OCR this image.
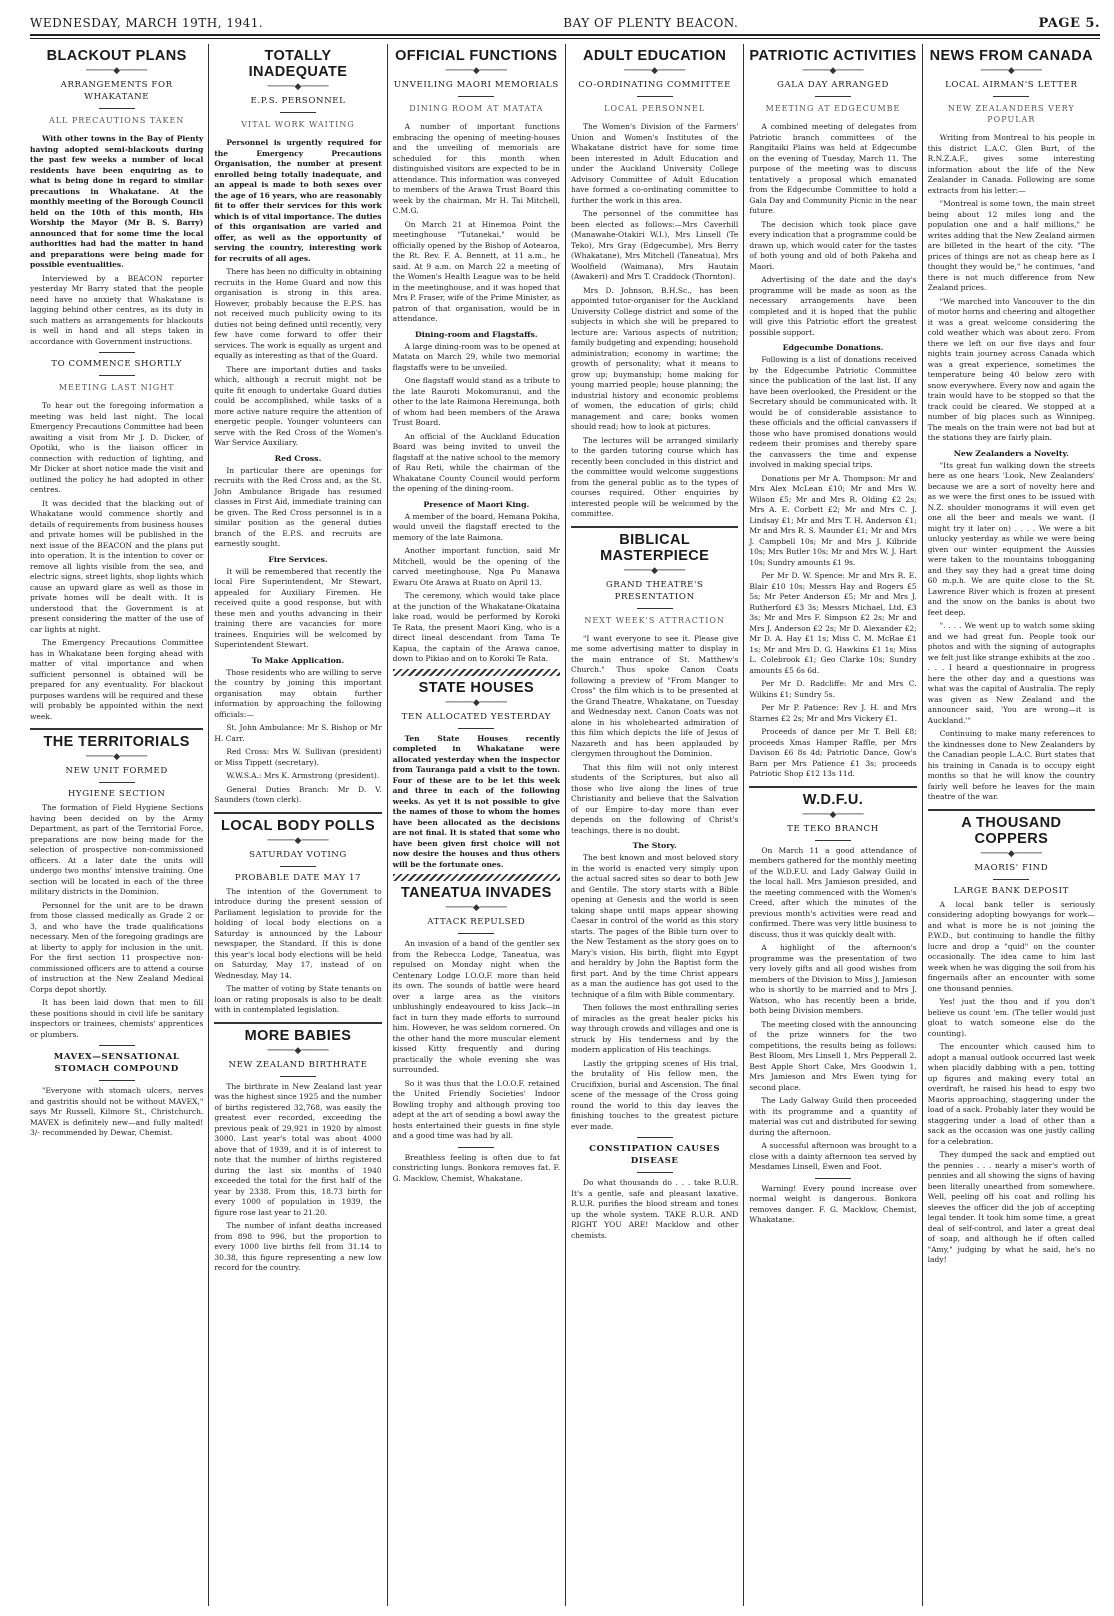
WEDNESDAY, MARCH 19TH, 1941.	BAY OF PLENTY BEACON.	PAGE 5.
BLACKOUT PLANS
─────◆─────
ARRANGEMENTS FOR WHAKATANE
ALL PRECAUTIONS TAKEN

With other towns in the Bay of Plenty having adopted semi-blackouts during the past few weeks a number of local residents have been enquiring as to what is being done in regard to similar precautions in Whakatane. At the monthly meeting of the Borough Council held on the 10th of this month, His Worship the Mayor (Mr B. S. Barry) announced that for some time the local authorities had had the matter in hand and preparations were being made for possible eventualities.

Interviewed by a BEACON reporter yesterday Mr Barry stated that the people need have no anxiety that Whakatane is lagging behind other centres, as its duty in such matters as arrangements for blackouts is well in hand and all steps taken in accordance with Government instructions.

TO COMMENCE SHORTLY
MEETING LAST NIGHT

To hear out the foregoing information a meeting was held last night. The local Emergency Precautions Committee had been awaiting a visit from Mr J. D. Dicker, of Opotiki, who is the liaison officer in connection with reduction of lighting, and Mr Dicker at short notice made the visit and outlined the policy he had adopted in other centres.

It was decided that the blacking out of Whakatane would commence shortly and details of requirements from business houses and private homes will be published in the next issue of the BEACON and the plans put into operation. It is the intention to cover or remove all lights visible from the sea, and electric signs, street lights, shop lights which cause an upward glare as well as those in private homes will be dealt with. It is understood that the Government is at present considering the matter of the use of car lights at night.

The Emergency Precautions Committee has in Whakatane been forging ahead with matter of vital importance and when sufficient personnel is obtained will be prepared for any eventuality. For blackout purposes wardens will be required and these will probably be appointed within the next week.

THE TERRITORIALS
─────◆─────
NEW UNIT FORMED
HYGIENE SECTION

The formation of Field Hygiene Sections having been decided on by the Army Department, as part of the Territorial Force, preparations are now being made for the selection of prospective non-commissioned officers. At a later date the units will undergo two months' intensive training. One section will be located in each of the three military districts in the Dominion.

Personnel for the unit are to be drawn from those classed medically as Grade 2 or 3, and who have the trade qualifications necessary. Men of the foregoing gradings are at liberty to apply for inclusion in the unit. For the first section 11 prospective non-commissioned officers are to attend a course of instruction at the New Zealand Medical Corps depot shortly.

It has been laid down that men to fill these positions should in civil life be sanitary inspectors or trainees, chemists' apprentices or plumbers.

MAVEX—SENSATIONAL STOMACH COMPOUND

"Everyone with stomach ulcers, nerves and gastritis should not be without MAVEX," says Mr Russell, Kilmore St., Christchurch. MAVEX is definitely new—and fully malted! 3/- recommended by Dewar, Chemist.

TOTALLY INADEQUATE
─────◆─────
E.P.S. PERSONNEL
VITAL WORK WAITING

Personnel is urgently required for the Emergency Precautions Organisation, the number at present enrolled being totally inadequate, and an appeal is made to both sexes over the age of 16 years, who are reasonably fit to offer their services for this work which is of vital importance. The duties of this organisation are varied and offer, as well as the opportunity of serving the country, interesting work for recruits of all ages.

There has been no difficulty in obtaining recruits in the Home Guard and now this organisation is strong in this area. However, probably because the E.P.S. has not received much publicity owing to its duties not being defined until recently, very few have come forward to offer their services. The work is equally as urgent and equally as interesting as that of the Guard.

There are important duties and tasks which, although a recruit might not be quite fit enough to undertake Guard duties could be accomplished, while tasks of a more active nature require the attention of energetic people. Younger volunteers can serve with the Red Cross of the Women's War Service Auxiliary.

Red Cross.

In particular there are openings for recruits with the Red Cross and, as the St. John Ambulance Brigade has resumed classes in First Aid, immediate training can be given. The Red Cross personnel is in a similar position as the general duties branch of the E.P.S. and recruits are earnestly sought.

Fire Services.

It will be remembered that recently the local Fire Superintendent, Mr Stewart, appealed for Auxiliary Firemen. He received quite a good response, but with these men and youths advancing in their training there are vacancies for more trainees. Enquiries will be welcomed by Superintendent Stewart.

To Make Application.

Those residents who are willing to serve the country by joining this important organisation may obtain further information by approaching the following officials:—

St. John Ambulance: Mr S. Bishop or Mr H. Carr.

Red Cross: Mrs W. Sullivan (president) or Miss Tippett (secretary).

W.W.S.A.: Mrs K. Armstrong (president).

General Duties Branch: Mr D. V. Saunders (town clerk).

LOCAL BODY POLLS
─────◆─────
SATURDAY VOTING
PROBABLE DATE MAY 17

The intention of the Government to introduce during the present session of Parliament legislation to provide for the holding of local body elections on a Saturday is announced by the Labour newspaper, the Standard. If this is done this year's local body elections will be held on Saturday, May 17, instead of on Wednesday, May 14.

The matter of voting by State tenants on loan or rating proposals is also to be dealt with in contemplated legislation.

MORE BABIES
─────◆─────
NEW ZEALAND BIRTHRATE

The birthrate in New Zealand last year was the highest since 1925 and the number of births registered 32,768, was easily the greatest ever recorded, exceeding the previous peak of 29,921 in 1920 by almost 3000. Last year's total was about 4000 above that of 1939, and it is of interest to note that the number of births registered during the last six months of 1940 exceeded the total for the first half of the year by 2338. From this, 18.73 birth for every 1000 of population in 1939, the figure rose last year to 21.20.

The number of infant deaths increased from 898 to 996, but the proportion to every 1000 live births fell from 31.14 to 30.38, this figure representing a new low record for the country.

OFFICIAL FUNCTIONS
─────◆─────
UNVEILING MAORI MEMORIALS
DINING ROOM AT MATATA

A number of important functions embracing the opening of meeting-houses and the unveiling of memorials are scheduled for this month when distinguished visitors are expected to be in attendance. This information was conveyed to members of the Arawa Trust Board this week by the chairman, Mr H. Tai Mitchell, C.M.G.

On March 21 at Hinemoa Point the meetinghouse "Tutanekai," would be officially opened by the Bishop of Aotearoa, the Rt. Rev. F. A. Bennett, at 11 a.m., he said. At 9 a.m. on March 22 a meeting of the Women's Health League was to be held in the meetinghouse, and it was hoped that Mrs P. Fraser, wife of the Prime Minister, as patron of that organisation, would be in attendance.

Dining-room and Flagstaffs.

A large dining-room was to be opened at Matata on March 29, while two memorial flagstaffs were to be unveiled.

One flagstaff would stand as a tribute to the late Rauroti Mokomuranui, and the other to the late Raimona Hereinunga, both of whom had been members of the Arawa Trust Board.

An official of the Auckland Education Board was being invited to unveil the flagstaff at the native school to the memory of Rau Reti, while the chairman of the Whakatane County Council would perform the opening of the dining-room.

Presence of Maori King.

A member of the board, Hemana Pokiha, would unveil the flagstaff erected to the memory of the late Raimona.

Another important function, said Mr Mitchell, would be the opening of the carved meetinghouse, Nga Pu Manawa Ewaru Ote Arawa at Ruato on April 13.

The ceremony, which would take place at the junction of the Whakatane-Okataina lake road, would be performed by Koroki Te Rata, the present Maori King, who is a direct lineal descendant from Tama Te Kapua, the captain of the Arawa canoe, down to Pikiao and on to Koroki Te Rata.

STATE HOUSES
─────◆─────
TEN ALLOCATED YESTERDAY

Ten State Houses recently completed in Whakatane were allocated yesterday when the inspector from Tauranga paid a visit to the town. Four of these are to be let this week and three in each of the following weeks. As yet it is not possible to give the names of those to whom the homes have been allocated as the decisions are not final. It is stated that some who have been given first choice will not now desire the houses and thus others will be the fortunate ones.

TANEATUA INVADES
─────◆─────
ATTACK REPULSED

An invasion of a band of the gentler sex from the Rebecca Lodge, Taneatua, was repulsed on Monday night when the Centenary Lodge I.O.O.F. more than held its own. The sounds of battle were heard over a large area as the visitors unblushingly endeavoured to kiss Jack—in fact in turn they made efforts to surround him. However, he was seldom cornered. On the other hand the more muscular element kissed Kitty frequently and during practically the whole evening she was surrounded.

So it was thus that the I.O.O.F. retained the United Friendly Societies' Indoor Bowling trophy and although proving too adept at the art of sending a bowl away the hosts entertained their guests in fine style and a good time was had by all.

Breathless feeling is often due to fat constricting lungs. Bonkora removes fat. F. G. Macklow, Chemist, Whakatane.

ADULT EDUCATION
─────◆─────
CO-ORDINATING COMMITTEE
LOCAL PERSONNEL

The Women's Division of the Farmers' Union and Women's Institutes of the Whakatane district have for some time been interested in Adult Education and under the Auckland University College Advisory Committee of Adult Education have formed a co-ordinating committee to further the work in this area.

The personnel of the committee has been elected as follows:—Mrs Caverhill (Manawahe-Otakiri W.I.), Mrs Linsell (Te Teko), Mrs Gray (Edgecumbe), Mrs Berry (Whakatane), Mrs Mitchell (Taneatua), Mrs Woolfield (Waimana), Mrs Hautain (Awakeri) and Mrs T. Craddock (Thornton).

Mrs D. Johnson, B.H.Sc., has been appointed tutor-organiser for the Auckland University College district and some of the subjects in which she will be prepared to lecture are: Various aspects of nutrition; family budgeting and expending; household administration; economy in wartime; the growth of personality; what it means to grow up; buymanship; home making for young married people; house planning; the industrial history and economic problems of women, the education of girls; child management and care; books women should read; how to look at pictures.

The lectures will be arranged similarly to the garden tutoring course which has recently been concluded in this district and the committee would welcome suggestions from the general public as to the types of courses required. Other enquiries by interested people will be welcomed by the committee.

BIBLICAL MASTERPIECE
─────◆─────
GRAND THEATRE'S PRESENTATION
NEXT WEEK'S ATTRACTION

"I want everyone to see it. Please give me some advertising matter to display in the main entrance of St. Matthew's Church." Thus spoke Canon Coats following a preview of "From Manger to Cross" the film which is to be presented at the Grand Theatre, Whakatane, on Tuesday and Wednesday next. Canon Coats was not alone in his wholehearted admiration of this film which depicts the life of Jesus of Nazareth and has been applauded by clergymen throughout the Dominion.

That this film will not only interest students of the Scriptures, but also all those who live along the lines of true Christianity and believe that the Salvation of our Empire to-day more than ever depends on the following of Christ's teachings, there is no doubt.

The Story.

The best known and most beloved story in the world is enacted very simply upon the actual sacred sites so dear to both Jew and Gentile. The story starts with a Bible opening at Genesis and the world is seen taking shape until maps appear showing Caesar in control of the world as this story starts. The pages of the Bible turn over to the New Testament as the story goes on to Mary's vision, His birth, flight into Egypt and heraldry by John the Baptist form the first part. And by the time Christ appears as a man the audience has got used to the technique of a film with Bible commentary.

Then follows the most enthralling series of miracles as the great healer picks his way through crowds and villages and one is struck by His tenderness and by the modern application of His teachings.

Lastly the gripping scenes of His trial, the brutality of His fellow men, the Crucifixion, burial and Ascension. The final scene of the message of the Cross going round the world to this day leaves the finishing touches to the greatest picture ever made.

CONSTIPATION CAUSES DISEASE

Do what thousands do . . . take R.U.R. It's a gentle, safe and pleasant laxative. R.U.R. purifies the blood stream and tones up the whole system. TAKE R.U.R. AND RIGHT YOU ARE! Macklow and other chemists.

PATRIOTIC ACTIVITIES
─────◆─────
GALA DAY ARRANGED
MEETING AT EDGECUMBE

A combined meeting of delegates from Patriotic branch committees of the Rangitaiki Plains was held at Edgecumbe on the evening of Tuesday, March 11. The purpose of the meeting was to discuss tentatively a proposal which emanated from the Edgecumbe Committee to hold a Gala Day and Community Picnic in the near future.

The decision which took place gave every indication that a programme could be drawn up, which would cater for the tastes of both young and old of both Pakeha and Maori.

Advertising of the date and the day's programme will be made as soon as the necessary arrangements have been completed and it is hoped that the public will give this Patriotic effort the greatest possible support.

Edgecumbe Donations.

Following is a list of donations received by the Edgecumbe Patriotic Committee since the publication of the last list. If any have been overlooked, the President or the Secretary should be communicated with. It would be of considerable assistance to these officials and the official canvassers if those who have promised donations would redeem their promises and thereby spare the canvassers the time and expense involved in making special trips.

Donations per Mr A. Thompson: Mr and Mrs Alex McLean £10; Mr and Mrs W. Wilson £5; Mr and Mrs R. Olding £2 2s; Mrs A. E. Corbett £2; Mr and Mrs C. J. Lindsay £1; Mr and Mrs T. H. Anderson £1; Mr and Mrs R. S. Maunder £1; Mr and Mrs J. Campbell 10s; Mr and Mrs J. Kilbride 10s; Mrs Butler 10s; Mr and Mrs W. J. Hart 10s; Sundry amounts £1 9s.

Per Mr D. W. Spence: Mr and Mrs R. E. Blair £10 10s; Messrs Hay and Rogers £5 5s; Mr Peter Anderson £5; Mr and Mrs J. Rutherford £3 3s; Messrs Michael, Ltd. £3 3s; Mr and Mrs F. Simpson £2 2s; Mr and Mrs J. Anderson £2 2s; Mr D. Alexander £2; Mr D. A. Hay £1 1s; Miss C. M. McRae £1 1s; Mr and Mrs D. G. Hawkins £1 1s; Miss L. Colebrook £1; Geo Clarke 10s; Sundry amounts £5 6s 6d.

Per Mr D. Radcliffe: Mr and Mrs C. Wilkins £1; Sundry 5s.

Per Mr P. Patience: Rev J. H. and Mrs Starnes £2 2s; Mr and Mrs Vickery £1.

Proceeds of dance per Mr T. Bell £8; proceeds Xmas Hamper Raffle, per Mrs Davison £6 8s 4d; Patriotic Dance, Gow's Barn per Mrs Patience £1 3s; proceeds Patriotic Shop £12 13s 11d.

W.D.F.U.
─────◆─────
TE TEKO BRANCH

On March 11 a good attendance of members gathered for the monthly meeting of the W.D.F.U. and Lady Galway Guild in the local hall. Mrs Jamieson presided, and the meeting commenced with the Women's Creed, after which the minutes of the previous month's activities were read and confirmed. There was very little business to discuss, thus it was quickly dealt with.

A highlight of the afternoon's programme was the presentation of two very lovely gifts and all good wishes from members of the Division to Miss J. Jamieson who is shortly to be married and to Mrs J. Watson, who has recently been a bride, both being Division members.

The meeting closed with the announcing of the prize winners for the two competitions, the results being as follows: Best Bloom, Mrs Linsell 1, Mrs Pepperall 2. Best Apple Short Cake, Mrs Goodwin 1, Mrs Jamieson and Mrs Ewen tying for second place.

The Lady Galway Guild then proceeded with its programme and a quantity of material was cut and distributed for sewing during the afternoon.

A successful afternoon was brought to a close with a dainty afternoon tea served by Mesdames Linsell, Ewen and Foot.

Warning! Every pound increase over normal weight is dangerous. Bonkora removes danger. F. G. Macklow, Chemist, Whakatane.

NEWS FROM CANADA
─────◆─────
LOCAL AIRMAN'S LETTER
NEW ZEALANDERS VERY POPULAR

Writing from Montreal to his people in this district L.A.C. Glen Burt, of the R.N.Z.A.F., gives some interesting information about the life of the New Zealander in Canada. Following are some extracts from his letter:—

"Montreal is some town, the main street being about 12 miles long and the population one and a half millions," he writes adding that the New Zealand airmen are billeted in the heart of the city. "The prices of things are not as cheap here as I thought they would be," he continues, "and there is not much difference from New Zealand prices.

"We marched into Vancouver to the din of motor horns and cheering and altogether it was a great welcome considering the cold weather which was about zero. From there we left on our five days and four nights train journey across Canada which was a great experience, sometimes the temperature being 40 below zero with snow everywhere. Every now and again the train would have to be stopped so that the track could be cleared. We stopped at a number of big places such as Winnipeg. The meals on the train were not bad but at the stations they are fairly plain.

New Zealanders a Novelty.

"Its great fun walking down the streets here as one hears 'Look, New Zealanders' because we are a sort of novelty here and as we were the first ones to be issued with N.Z. shoulder monograms it will even get one all the beer and meals we want. (I might try it later on) . . . . We were a bit unlucky yesterday as while we were being given our winter equipment the Aussies were taken to the mountains tobogganing and they say they had a great time doing 60 m.p.h. We are quite close to the St. Lawrence River which is frozen at present and the snow on the banks is about two feet deep.

". . . . We went up to watch some skiing and we had great fun. People took our photos and with the signing of autographs we felt just like strange exhibits at the zoo . . . . I heard a questionnaire in progress here the other day and a questions was what was the capital of Australia. The reply was given as New Zealand and the announcer said, 'You are wrong—it is Auckland.'"

Continuing to make many references to the kindnesses done to New Zealanders by the Canadian people L.A.C. Burt states that his training in Canada is to occupy eight months so that he will know the country fairly well before he leaves for the main theatre of the war.

A THOUSAND COPPERS
─────◆─────
MAORIS' FIND
LARGE BANK DEPOSIT

A local bank teller is seriously considering adopting bowyangs for work—and what is more he is not joining the P.W.D., but continuing to handle the filthy lucre and drop a "quid" on the counter occasionally. The idea came to him last week when he was digging the soil from his fingernails after an encounter with some one thousand pennies.

Yes! just the thou and if you don't believe us count 'em. (The teller would just gloat to watch someone else do the counting).

The encounter which caused him to adopt a manual outlook occurred last week when placidly dabbing with a pen, totting up figures and making every total an overdraft, he raised his head to espy two Maoris approaching, staggering under the load of a sack. Probably later they would be staggering under a load of other than a sack as the occasion was one justly calling for a celebration.

They dumped the sack and emptied out the pennies . . . nearly a miser's worth of pennies and all showing the signs of having been literally unearthed from somewhere. Well, peeling off his coat and rolling his sleeves the officer did the job of accepting legal tender. It took him some time, a great deal of self-control, and later a great deal of soap, and although he if often called "Amy," judging by what he said, he's no lady!
